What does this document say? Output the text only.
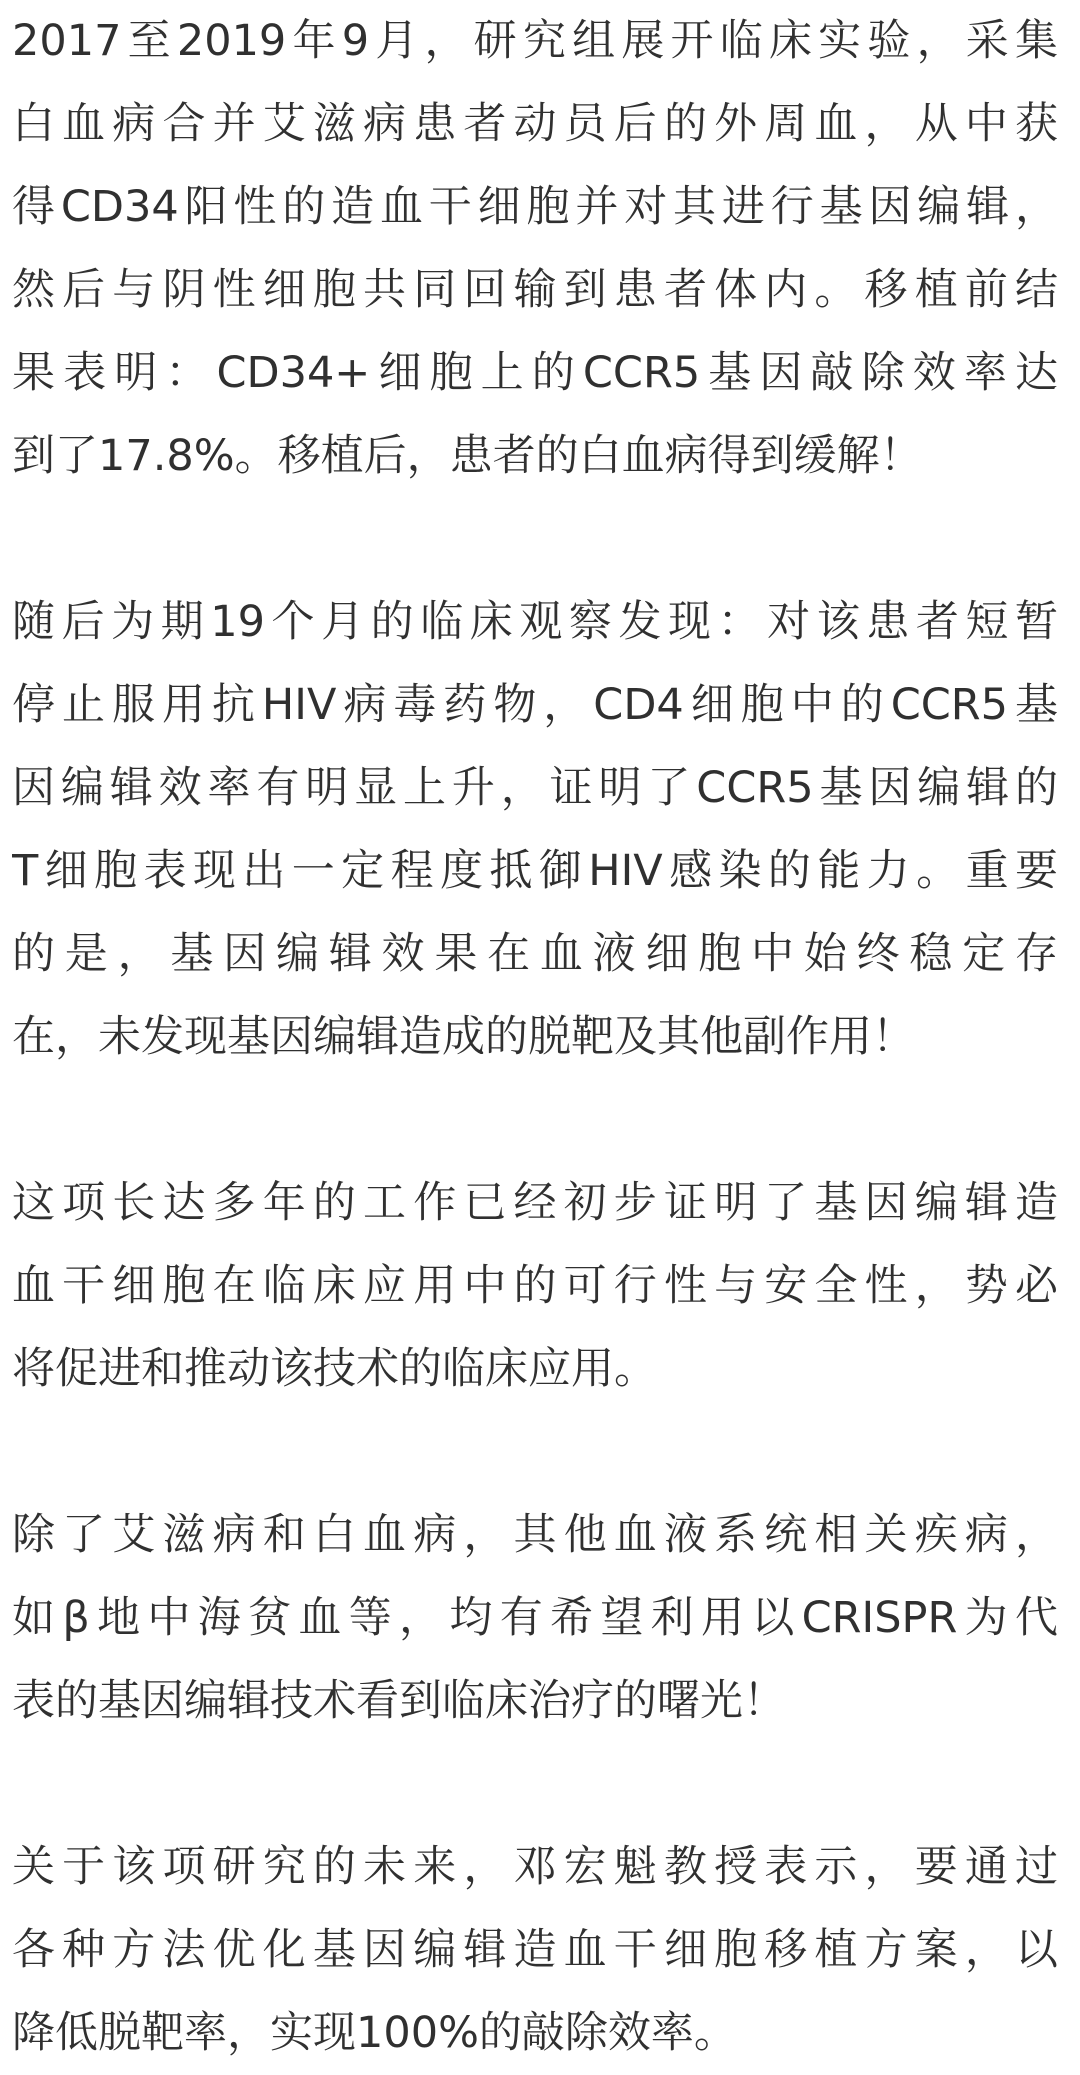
2017至2019年9月，研究组展开临床实验，采集
白血病合并艾滋病患者动员后的外周血，从中获
得CD34阳性的造血干细胞并对其进行基因编辑，
然后与阴性细胞共同回输到患者体内。移植前结
果表明：CD34+细胞上的CCR5基因敲除效率达
到了17.8%。移植后，患者的白血病得到缓解！
随后为期19个月的临床观察发现：对该患者短暂
停止服用抗HIV病毒药物，CD4细胞中的CCR5基
因编辑效率有明显上升，证明了CCR5基因编辑的
T细胞表现出一定程度抵御HIV感染的能力。重要
的是，基因编辑效果在血液细胞中始终稳定存
在，未发现基因编辑造成的脱靶及其他副作用！
这项长达多年的工作已经初步证明了基因编辑造
血干细胞在临床应用中的可行性与安全性，势必
将促进和推动该技术的临床应用。
除了艾滋病和白血病，其他血液系统相关疾病，
如β地中海贫血等，均有希望利用以CRISPR为代
表的基因编辑技术看到临床治疗的曙光！
关于该项研究的未来，邓宏魁教授表示，要通过
各种方法优化基因编辑造血干细胞移植方案，以
降低脱靶率，实现100%的敲除效率。
